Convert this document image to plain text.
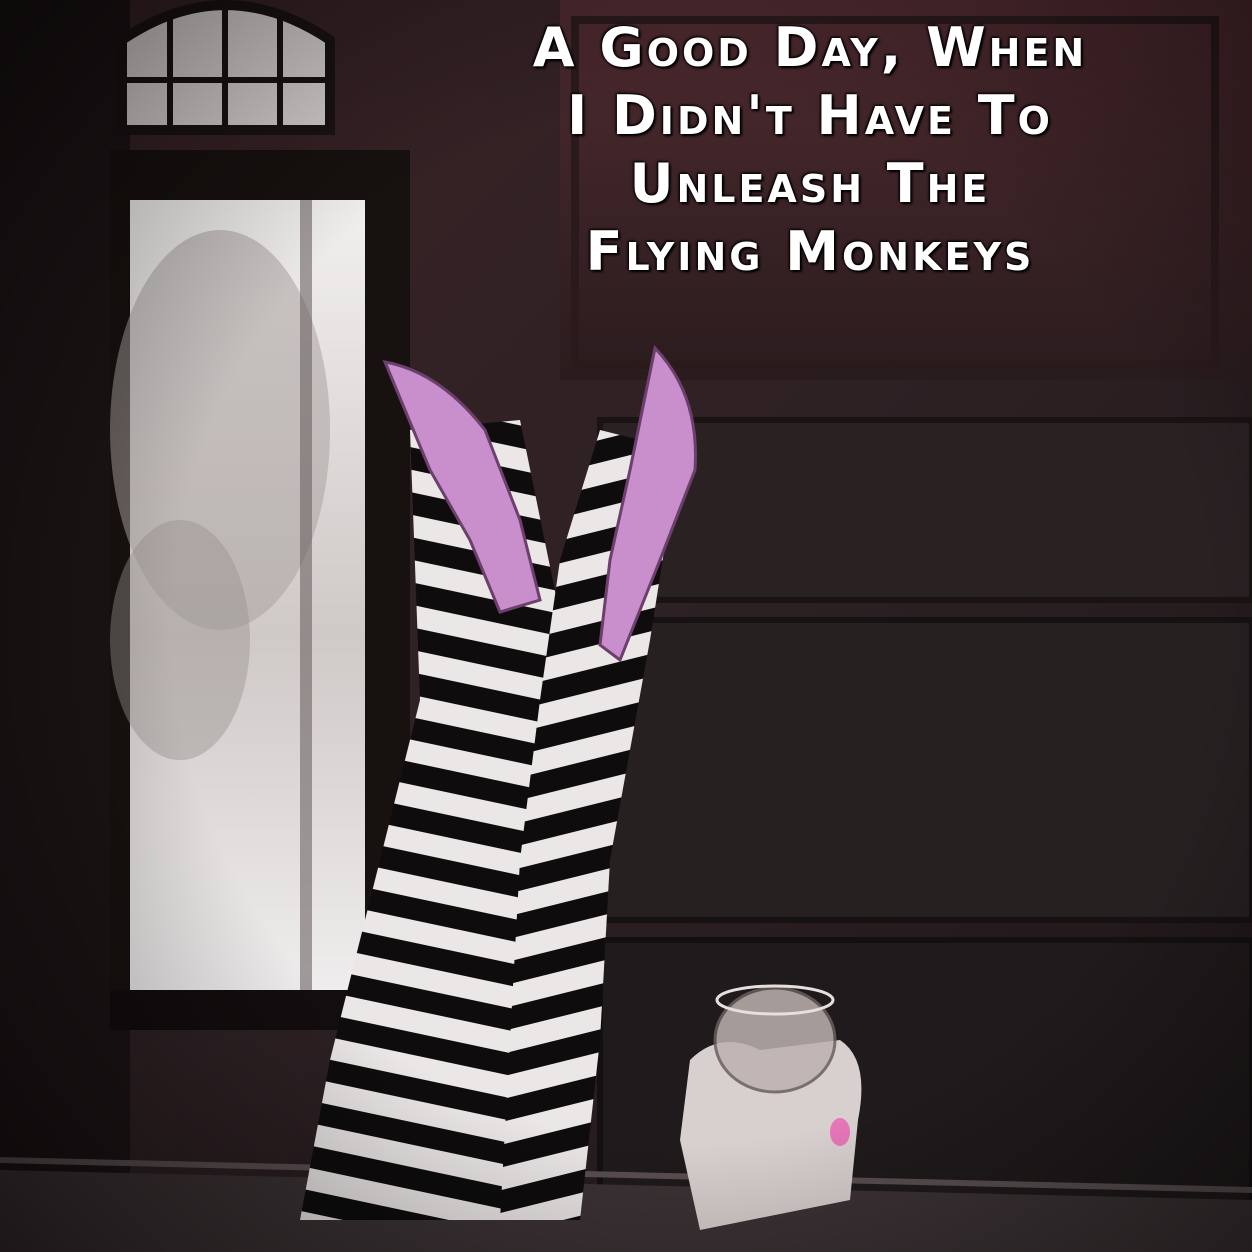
A Good Day, When
I Didn't Have To
Unleash The
Flying Monkeys
